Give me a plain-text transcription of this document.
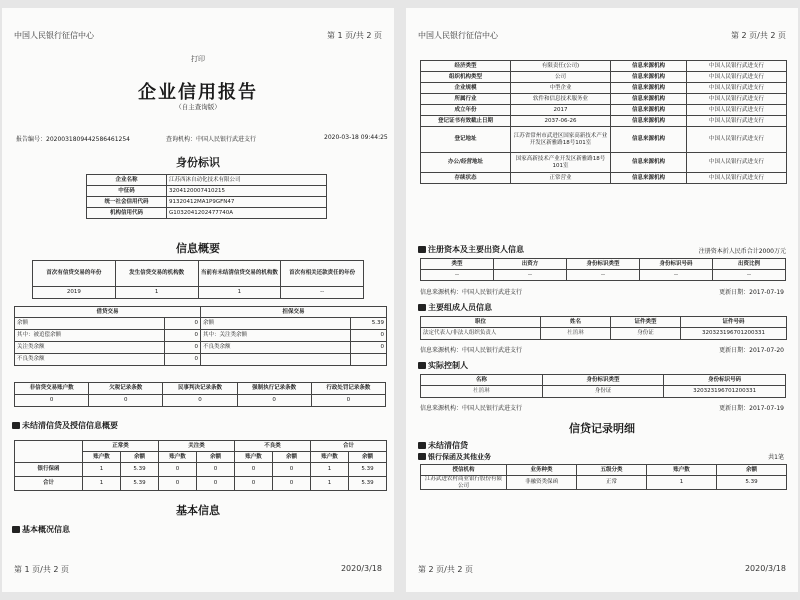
中国人民银行征信中心	第 1 页/共 2 页
打印
企业信用报告
（自主查询版）
报告编号：2020031809442586461254	查询机构：中国人民银行武进支行	2020-03-18 09:44:25
身份标识
企业名称	江苏西沐自动化技术有限公司
中征码	3204120007410215
统一社会信用代码	91320412MA1P9GFN47
机构信用代码	G1032041202477740A
信息概要
首次有信贷交易的年份	发生信贷交易的机构数	当前有未结清信贷交易的机构数	首次有相关还款责任的年份
2019	1	1	--
借贷交易		担保交易	
余额	0	余额	5.39
其中：被追偿余额	0	其中：关注类余额	0
关注类余额	0	不良类余额	0
不良类余额	0		
非信贷交易账户数	欠税记录条数	民事判决记录条数	强制执行记录条数	行政处罚记录条数
0	0	0	0	0
未结清信贷及授信信息概要
	正常类		关注类		不良类		合计	
	账户数	余额	账户数	余额	账户数	余额	账户数	余额
银行保函	1	5.39	0	0	0	0	1	5.39
合计	1	5.39	0	0	0	0	1	5.39
基本信息
基本概况信息
第 1 页/共 2 页	2020/3/18
中国人民银行征信中心	第 2 页/共 2 页
经济类型	有限责任(公司)	信息来源机构	中国人民银行武进支行
组织机构类型	公司	信息来源机构	中国人民银行武进支行
企业规模	中型企业	信息来源机构	中国人民银行武进支行
所属行业	软件和信息技术服务业	信息来源机构	中国人民银行武进支行
成立年份	2017	信息来源机构	中国人民银行武进支行
登记证书有效截止日期	2037-06-26	信息来源机构	中国人民银行武进支行
登记地址	江苏省常州市武进区国家高新技术产业开发区新雅路18号101室	信息来源机构	中国人民银行武进支行
办公/经营地址	国家高新技术产业开发区新雅路18号101室	信息来源机构	中国人民银行武进支行
存续状态	正常营业	信息来源机构	中国人民银行武进支行
注册资本及主要出资人信息	注册资本折人民币合计2000万元
类型	出资方	身份标识类型	身份标识号码	出资比例
--	--	--	--	--
信息来源机构：中国人民银行武进支行	更新日期：2017-07-19
主要组成人员信息
职位	姓名	证件类型	证件号码
法定代表人/非法人组织负责人	杜鹃琳	身份证	320323196701200331
信息来源机构：中国人民银行武进支行	更新日期：2017-07-20
实际控制人
名称	身份标识类型	身份标识号码
杜鹃琳	身份证	320323196701200331
信息来源机构：中国人民银行武进支行	更新日期：2017-07-19
信贷记录明细
未结清信贷
银行保函及其他业务	共1笔
授信机构	业务种类	五级分类	账户数	余额
江苏武进农村商业银行股份有限公司	非融资类保函	正常	1	5.39
第 2 页/共 2 页	2020/3/18
